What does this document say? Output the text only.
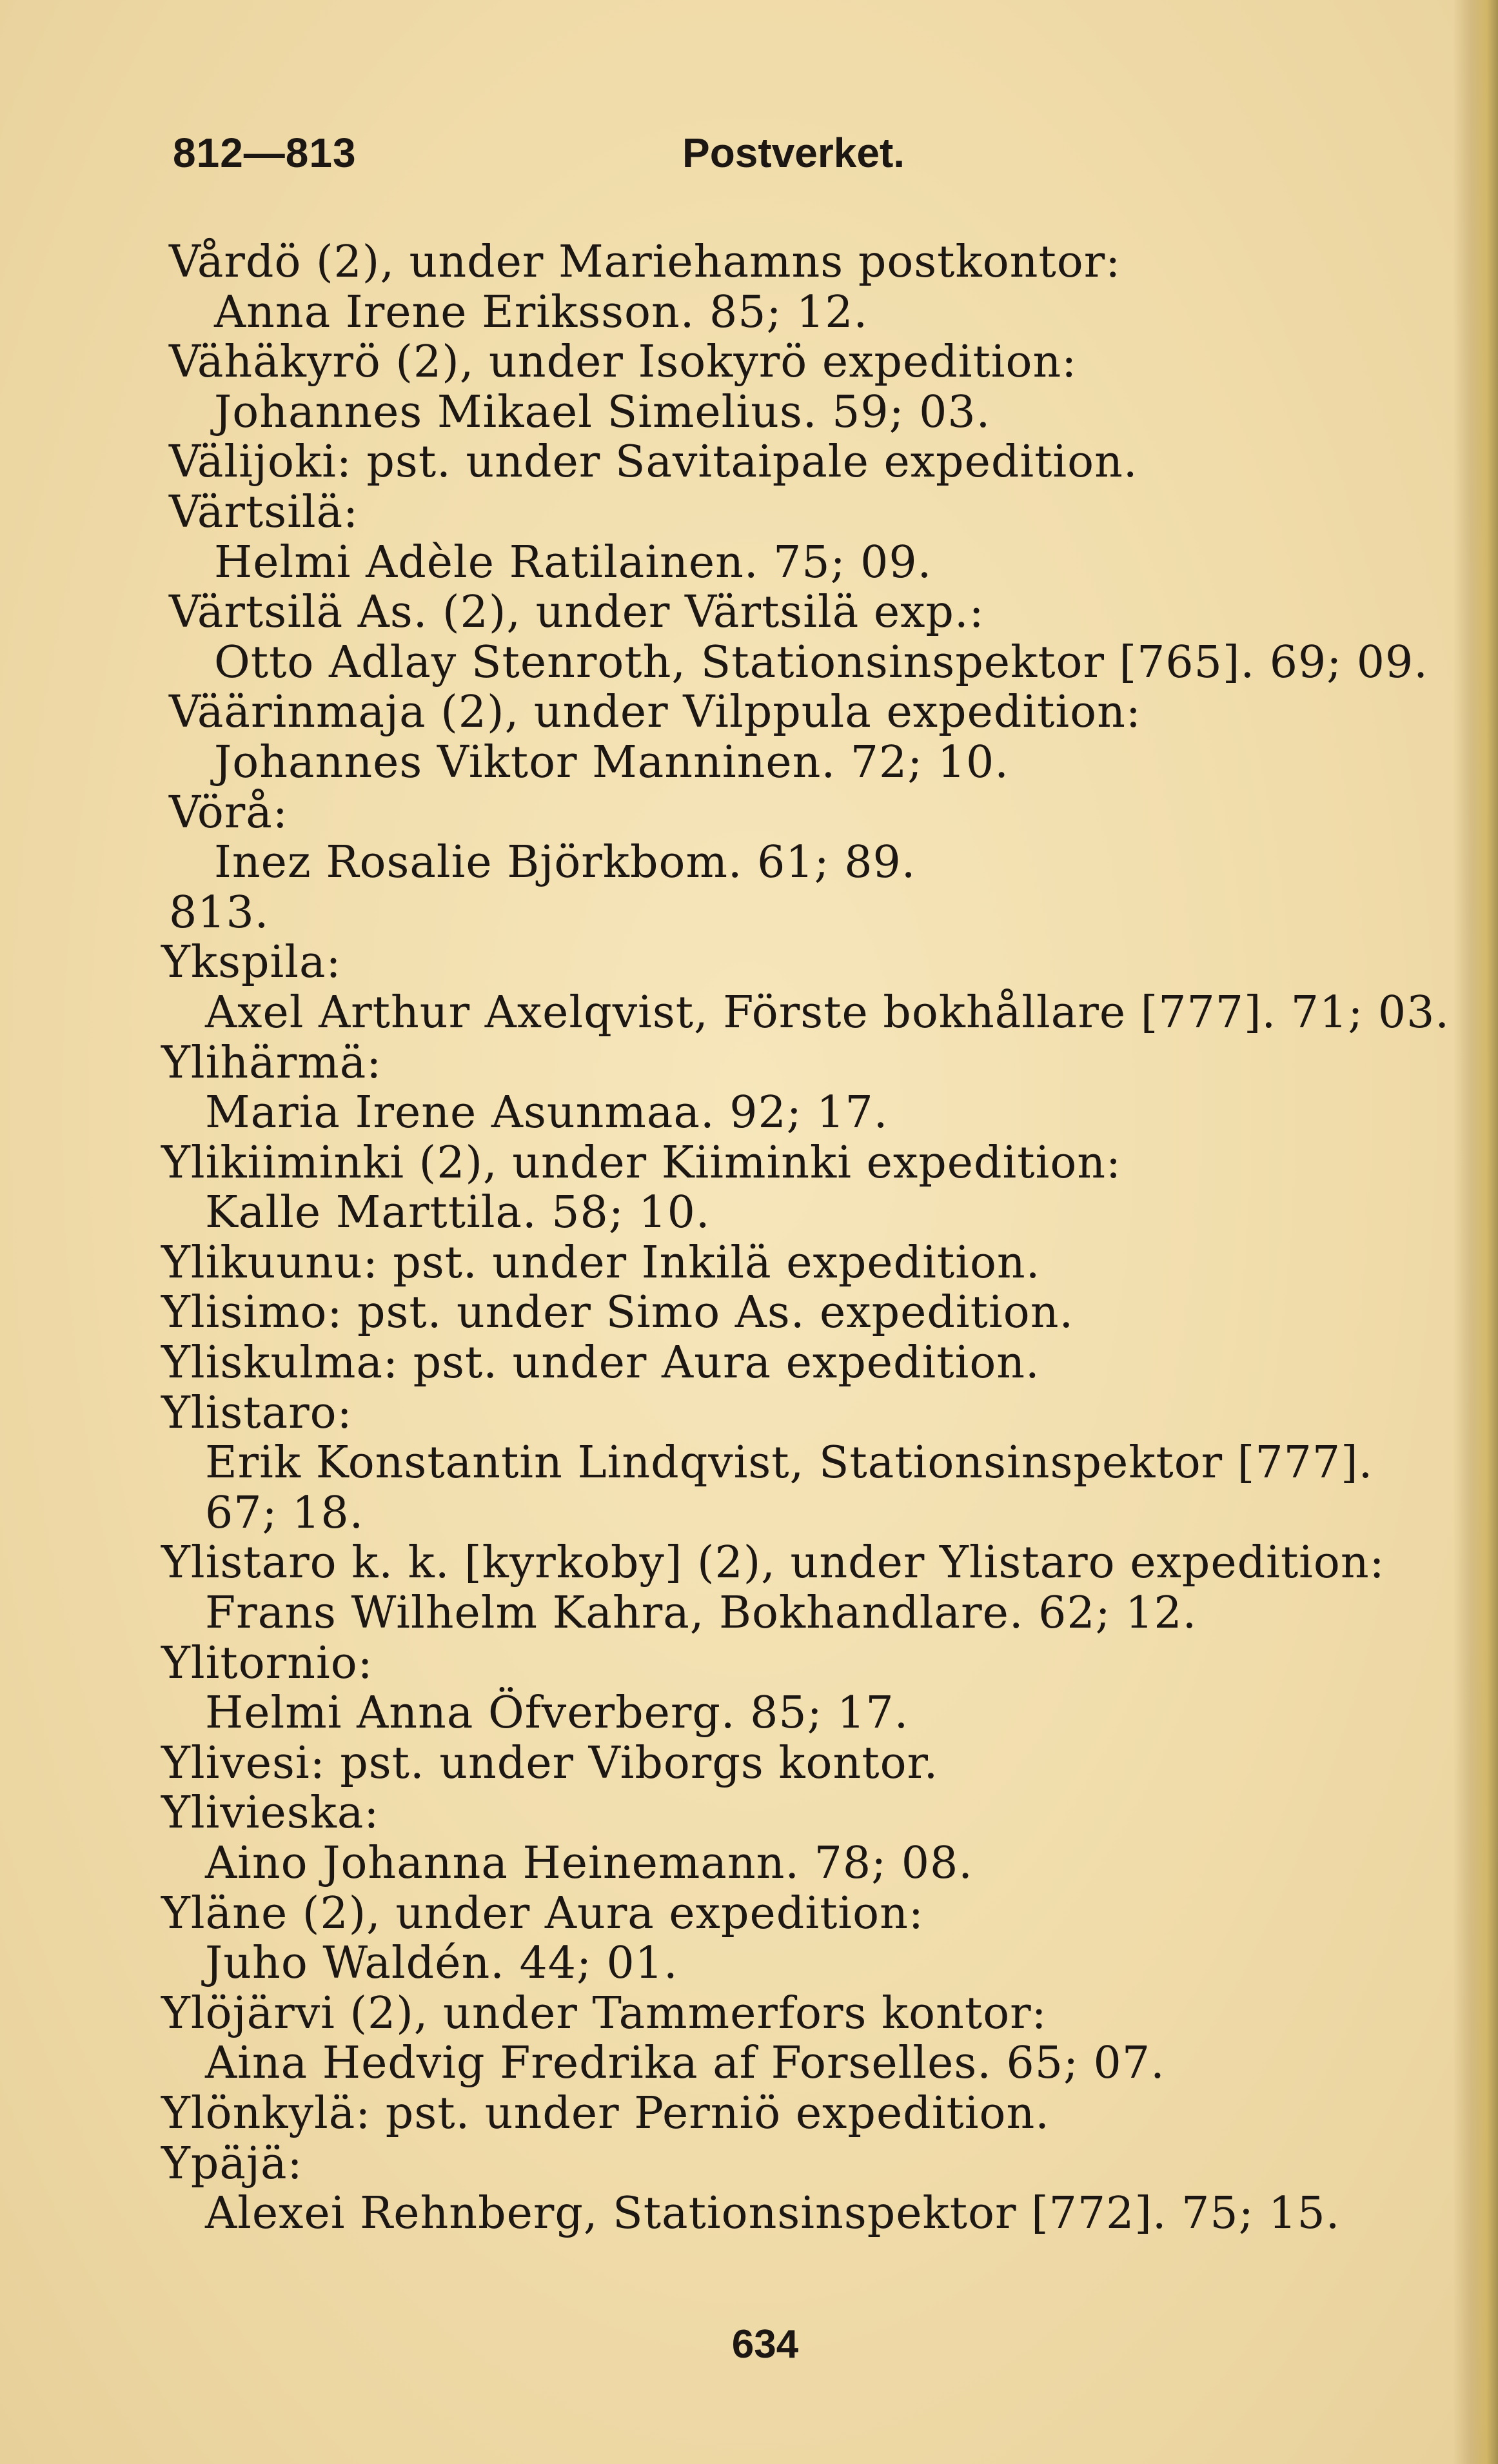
812—813	Postverket.
Vårdö (2), under Mariehamns postkontor:
Anna Irene Eriksson. 85; 12.
Vähäkyrö (2), under Isokyrö expedition:
Johannes Mikael Simelius. 59; 03.
Välijoki: pst. under Savitaipale expedition.
Värtsilä:
Helmi Adèle Ratilainen. 75; 09.
Värtsilä As. (2), under Värtsilä exp.:
Otto Adlay Stenroth, Stationsinspektor [765]. 69; 09.
Väärinmaja (2), under Vilppula expedition:
Johannes Viktor Manninen. 72; 10.
Vörå:
Inez Rosalie Björkbom. 61; 89.
813.
Ykspila:
Axel Arthur Axelqvist, Förste bokhållare [777]. 71; 03.
Ylihärmä:
Maria Irene Asunmaa. 92; 17.
Ylikiiminki (2), under Kiiminki expedition:
Kalle Marttila. 58; 10.
Ylikuunu: pst. under Inkilä expedition.
Ylisimo: pst. under Simo As. expedition.
Yliskulma: pst. under Aura expedition.
Ylistaro:
Erik Konstantin Lindqvist, Stationsinspektor [777].
67; 18.
Ylistaro k. k. [kyrkoby] (2), under Ylistaro expedition:
Frans Wilhelm Kahra, Bokhandlare. 62; 12.
Ylitornio:
Helmi Anna Öfverberg. 85; 17.
Ylivesi: pst. under Viborgs kontor.
Ylivieska:
Aino Johanna Heinemann. 78; 08.
Yläne (2), under Aura expedition:
Juho Waldén. 44; 01.
Ylöjärvi (2), under Tammerfors kontor:
Aina Hedvig Fredrika af Forselles. 65; 07.
Ylönkylä: pst. under Perniö expedition.
Ypäjä:
Alexei Rehnberg, Stationsinspektor [772]. 75; 15.
634
